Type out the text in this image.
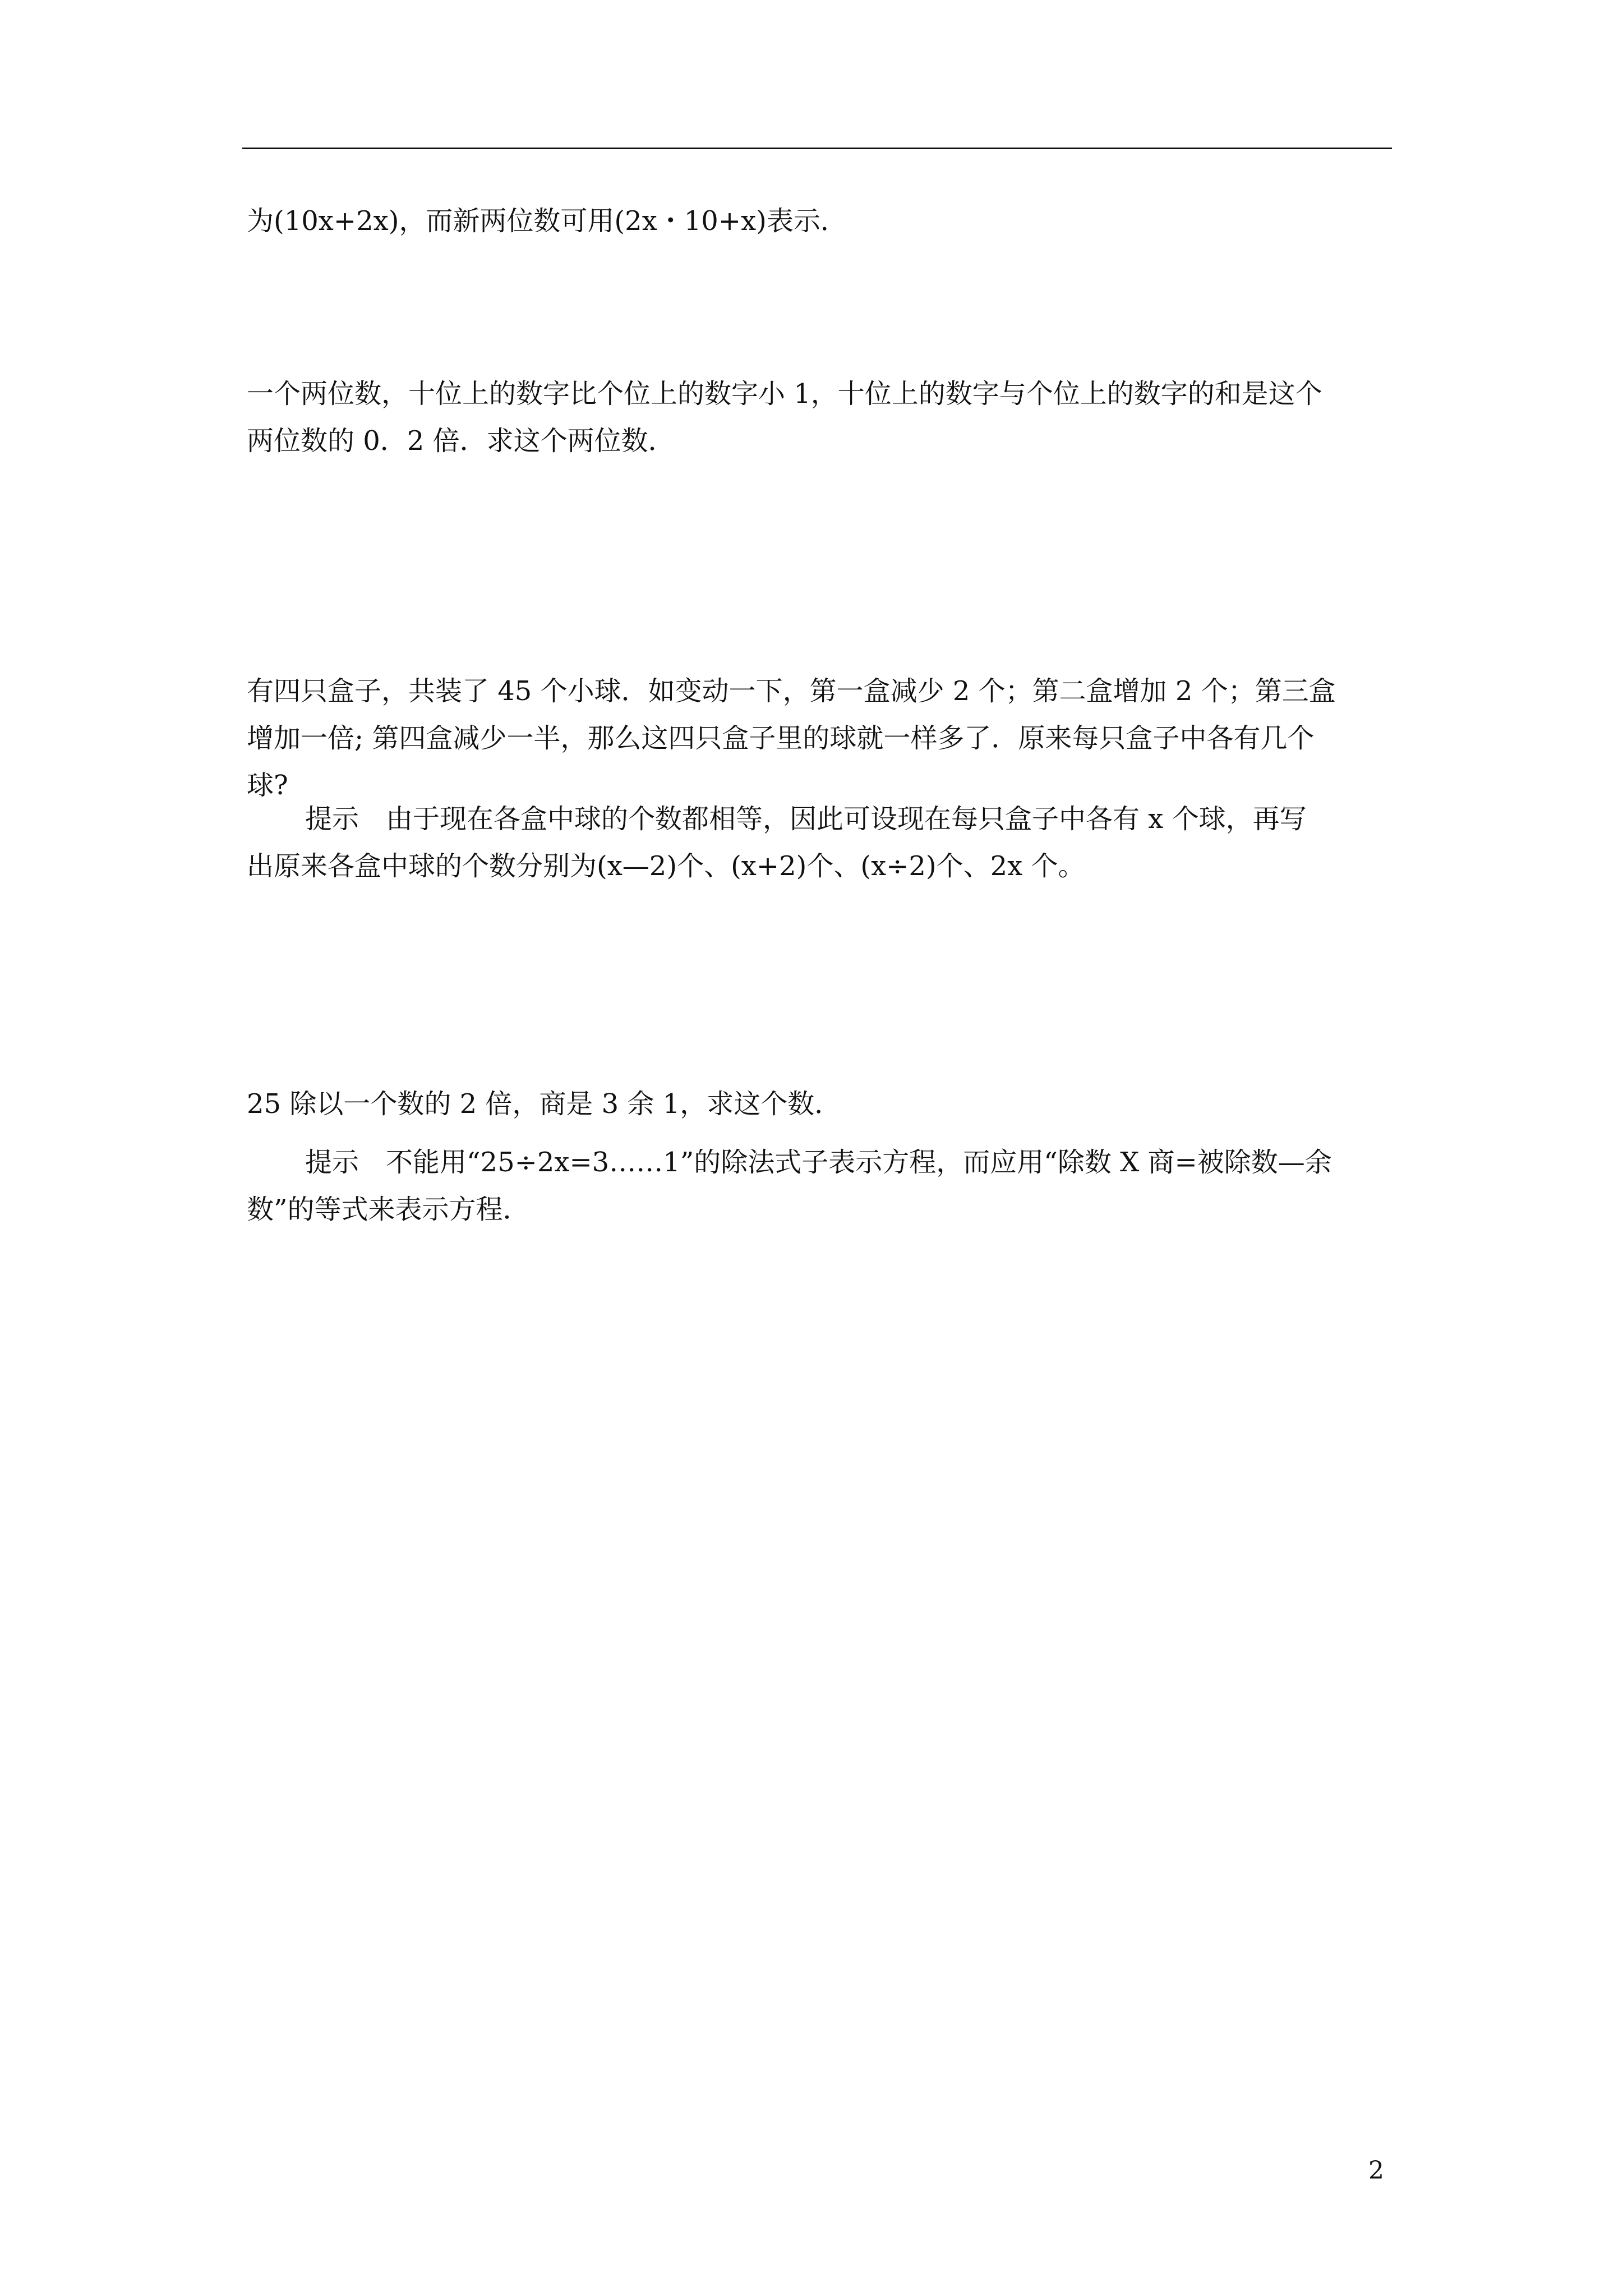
为(10x+2x)，而新两位数可用(2x・10+x)表示．

一个两位数，十位上的数字比个位上的数字小 1，十位上的数字与个位上的数字的和是这个
两位数的 0．2 倍．求这个两位数．

有四只盒子，共装了 45 个小球．如变动一下，第一盒减少 2 个；第二盒增加 2 个；第三盒
增加一倍; 第四盒减少一半，那么这四只盒子里的球就一样多了．原来每只盒子中各有几个
球?

提示　由于现在各盒中球的个数都相等，因此可设现在每只盒子中各有 x 个球，再写
出原来各盒中球的个数分别为(x—2)个、(x+2)个、(x÷2)个、2x 个。

25 除以一个数的 2 倍，商是 3 余 1，求这个数．

提示　不能用“25÷2x=3……1”的除法式子表示方程，而应用“除数 X 商=被除数—余
数”的等式来表示方程．

2
